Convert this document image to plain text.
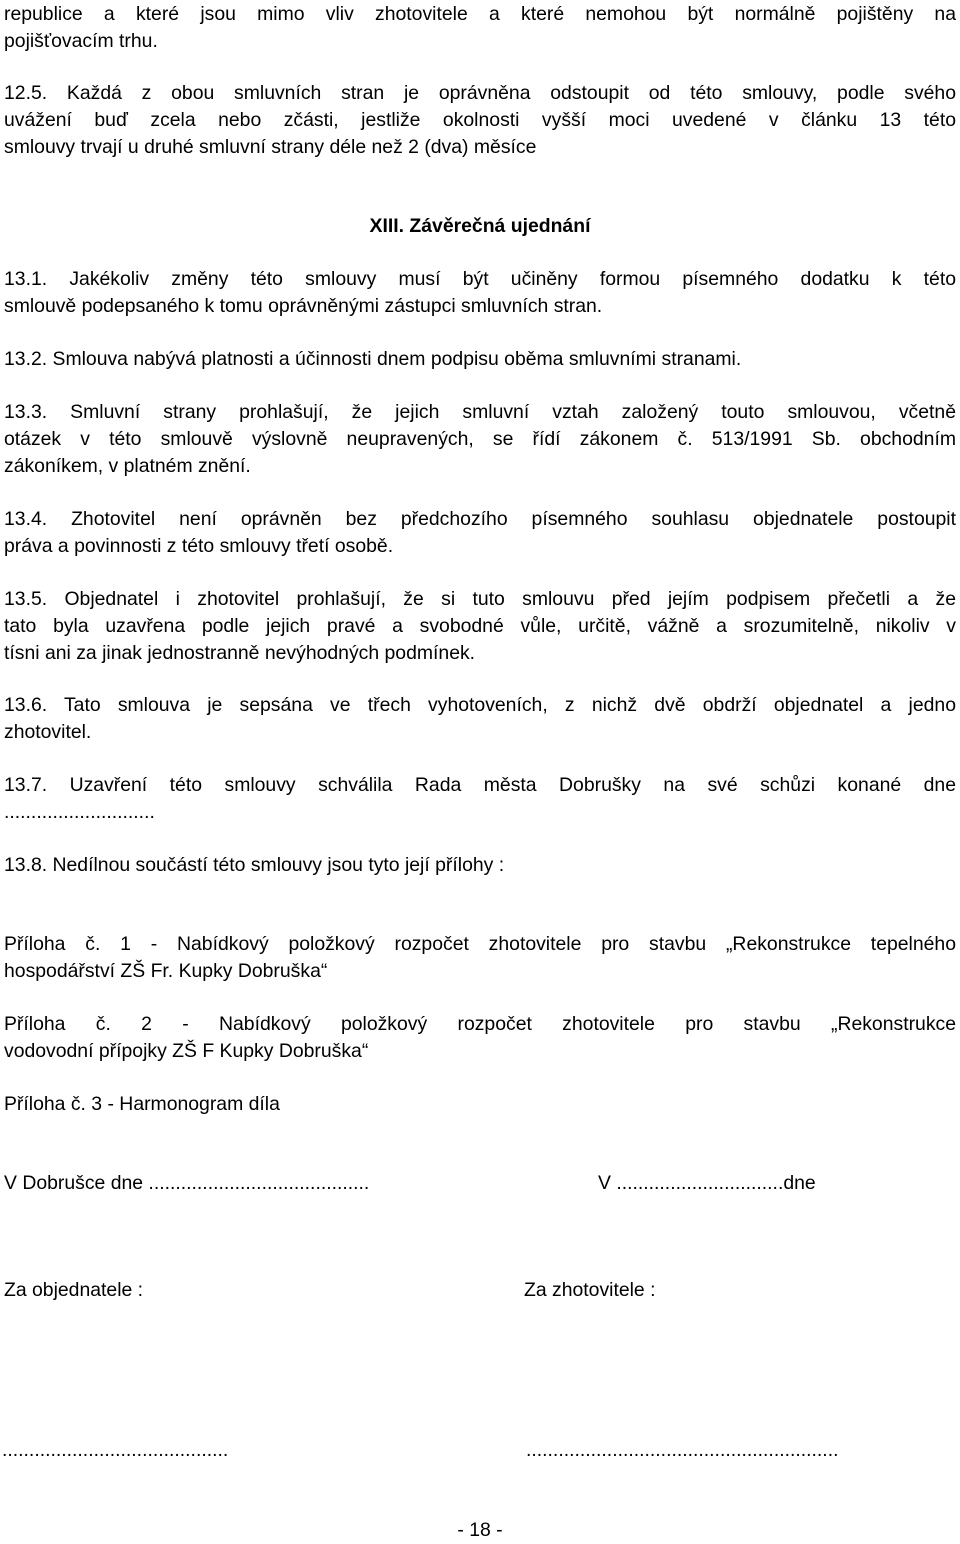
republice a které jsou mimo vliv zhotovitele a které nemohou být normálně pojištěny na

pojišťovacím trhu.

12.5. Každá z obou smluvních stran je oprávněna odstoupit od této smlouvy, podle svého

uvážení buď zcela nebo zčásti, jestliže okolnosti vyšší moci uvedené v článku 13 této

smlouvy trvají u druhé smluvní strany déle než 2 (dva) měsíce

XIII. Závěrečná ujednání

13.1. Jakékoliv změny této smlouvy musí být učiněny formou písemného dodatku k této

smlouvě podepsaného k tomu oprávněnými zástupci smluvních stran.

13.2. Smlouva nabývá platnosti a účinnosti dnem podpisu oběma smluvními stranami.

13.3. Smluvní strany prohlašují, že jejich smluvní vztah založený touto smlouvou, včetně

otázek v této smlouvě výslovně neupravených, se řídí zákonem č. 513/1991 Sb. obchodním

zákoníkem, v platném znění.

13.4. Zhotovitel není oprávněn bez předchozího písemného souhlasu objednatele postoupit

práva a povinnosti z této smlouvy třetí osobě.

13.5. Objednatel i zhotovitel prohlašují, že si tuto smlouvu před jejím podpisem přečetli a že

tato byla uzavřena podle jejich pravé a svobodné vůle, určitě, vážně a srozumitelně, nikoliv v

tísni ani za jinak jednostranně nevýhodných podmínek.

13.6. Tato smlouva je sepsána ve třech vyhotoveních, z nichž dvě obdrží objednatel a jedno

zhotovitel.

13.7. Uzavření této smlouvy schválila Rada města Dobrušky na své schůzi konané dne

............................

13.8. Nedílnou součástí této smlouvy jsou tyto její přílohy :

Příloha č. 1 - Nabídkový položkový rozpočet zhotovitele pro stavbu „Rekonstrukce tepelného

hospodářství ZŠ Fr. Kupky Dobruška“

Příloha č. 2 - Nabídkový položkový rozpočet zhotovitele pro stavbu „Rekonstrukce

vodovodní přípojky ZŠ F Kupky Dobruška“

Příloha č. 3 - Harmonogram díla
V Dobrušce dne .........................................	V ...............................dne
Za objednatele :	Za zhotovitele :
..........................................	..........................................................
- 18 -
